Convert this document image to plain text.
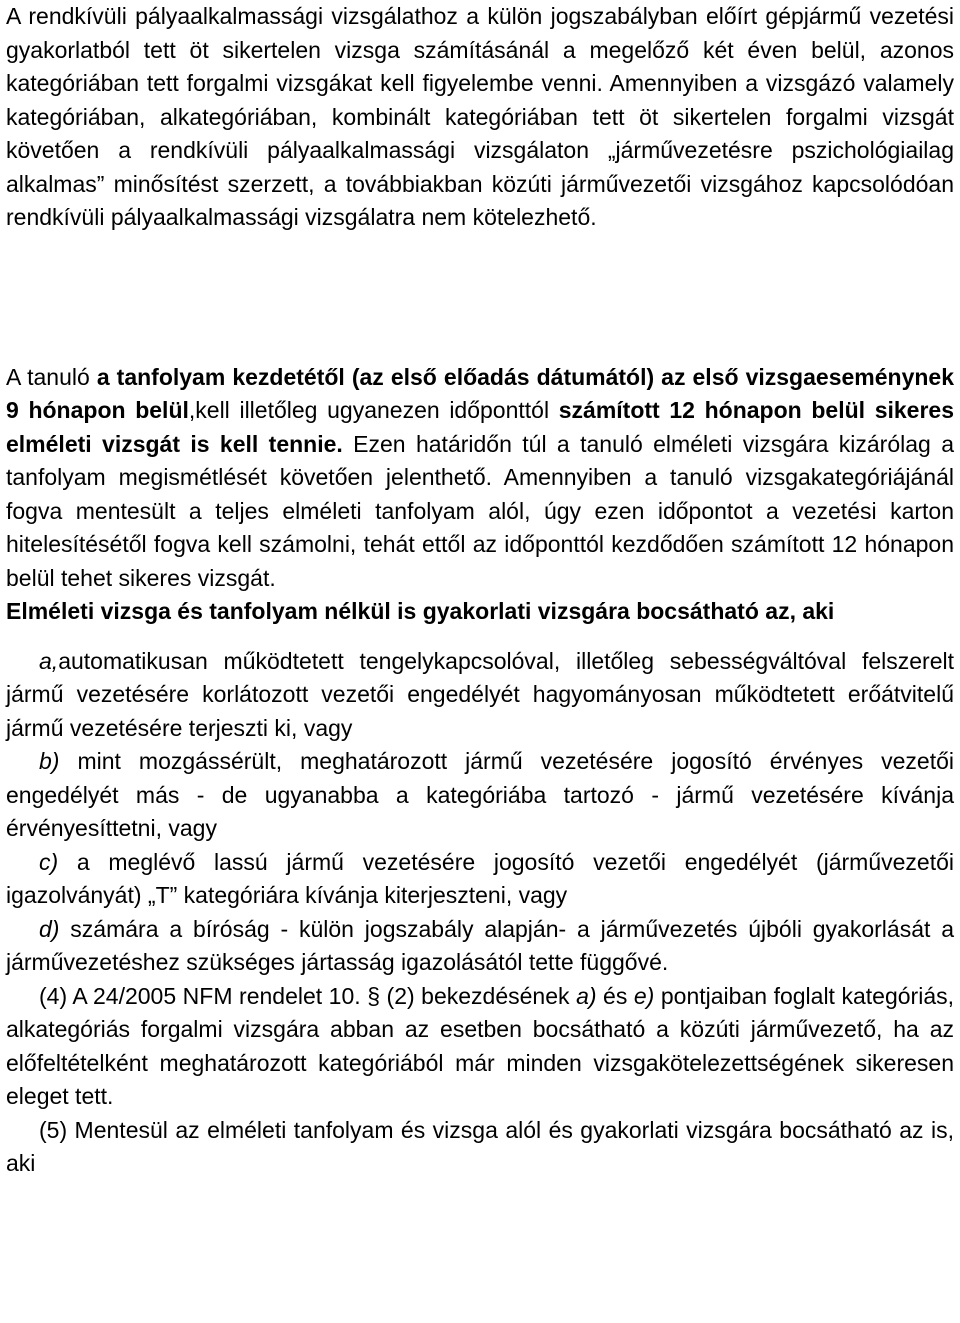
A rendkívüli pályaalkalmassági vizsgálathoz a külön jogszabályban előírt gépjármű vezetési gyakorlatból tett öt sikertelen vizsga számításánál a megelőző két éven belül, azonos kategóriában tett forgalmi vizsgákat kell figyelembe venni. Amennyiben a vizsgázó valamely kategóriában, alkategóriában, kombinált kategóriában tett öt sikertelen forgalmi vizsgát követően a rendkívüli pályaalkalmassági vizsgálaton „járművezetésre pszichológiailag alkalmas” minősítést szerzett, a továbbiakban közúti járművezetői vizsgához kapcsolódóan rendkívüli pályaalkalmassági vizsgálatra nem kötelezhető.

A tanuló a tanfolyam kezdetétől (az első előadás dátumától) az első vizsgaeseménynek 9 hónapon belül,kell illetőleg ugyanezen időponttól számított 12 hónapon belül sikeres elméleti vizsgát is kell tennie. Ezen határidőn túl a tanuló elméleti vizsgára kizárólag a tanfolyam megismétlését követően jelenthető. Amennyiben a tanuló vizsgakategóriájánál fogva mentesült a teljes elméleti tanfolyam alól, úgy ezen időpontot a vezetési karton hitelesítésétől fogva kell számolni, tehát ettől az időponttól kezdődően számított 12 hónapon belül tehet sikeres vizsgát.

Elméleti vizsga és tanfolyam nélkül is gyakorlati vizsgára bocsátható az, aki

a,automatikusan működtetett tengelykapcsolóval, illetőleg sebességváltóval felszerelt jármű vezetésére korlátozott vezetői engedélyét hagyományosan működtetett erőátvitelű jármű vezetésére terjeszti ki, vagy

b) mint mozgássérült, meghatározott jármű vezetésére jogosító érvényes vezetői engedélyét más - de ugyanabba a kategóriába tartozó - jármű vezetésére kívánja érvényesíttetni, vagy

c) a meglévő lassú jármű vezetésére jogosító vezetői engedélyét (járművezetői igazolványát) „T” kategóriára kívánja kiterjeszteni, vagy

d) számára a bíróság - külön jogszabály alapján- a járművezetés újbóli gyakorlását a járművezetéshez szükséges jártasság igazolásától tette függővé.

(4) A 24/2005 NFM rendelet 10. § (2) bekezdésének a) és e) pontjaiban foglalt kategóriás, alkategóriás forgalmi vizsgára abban az esetben bocsátható a közúti járművezető, ha az előfeltételként meghatározott kategóriából már minden vizsgakötelezettségének sikeresen eleget tett.

(5) Mentesül az elméleti tanfolyam és vizsga alól és gyakorlati vizsgára bocsátható az is, aki
